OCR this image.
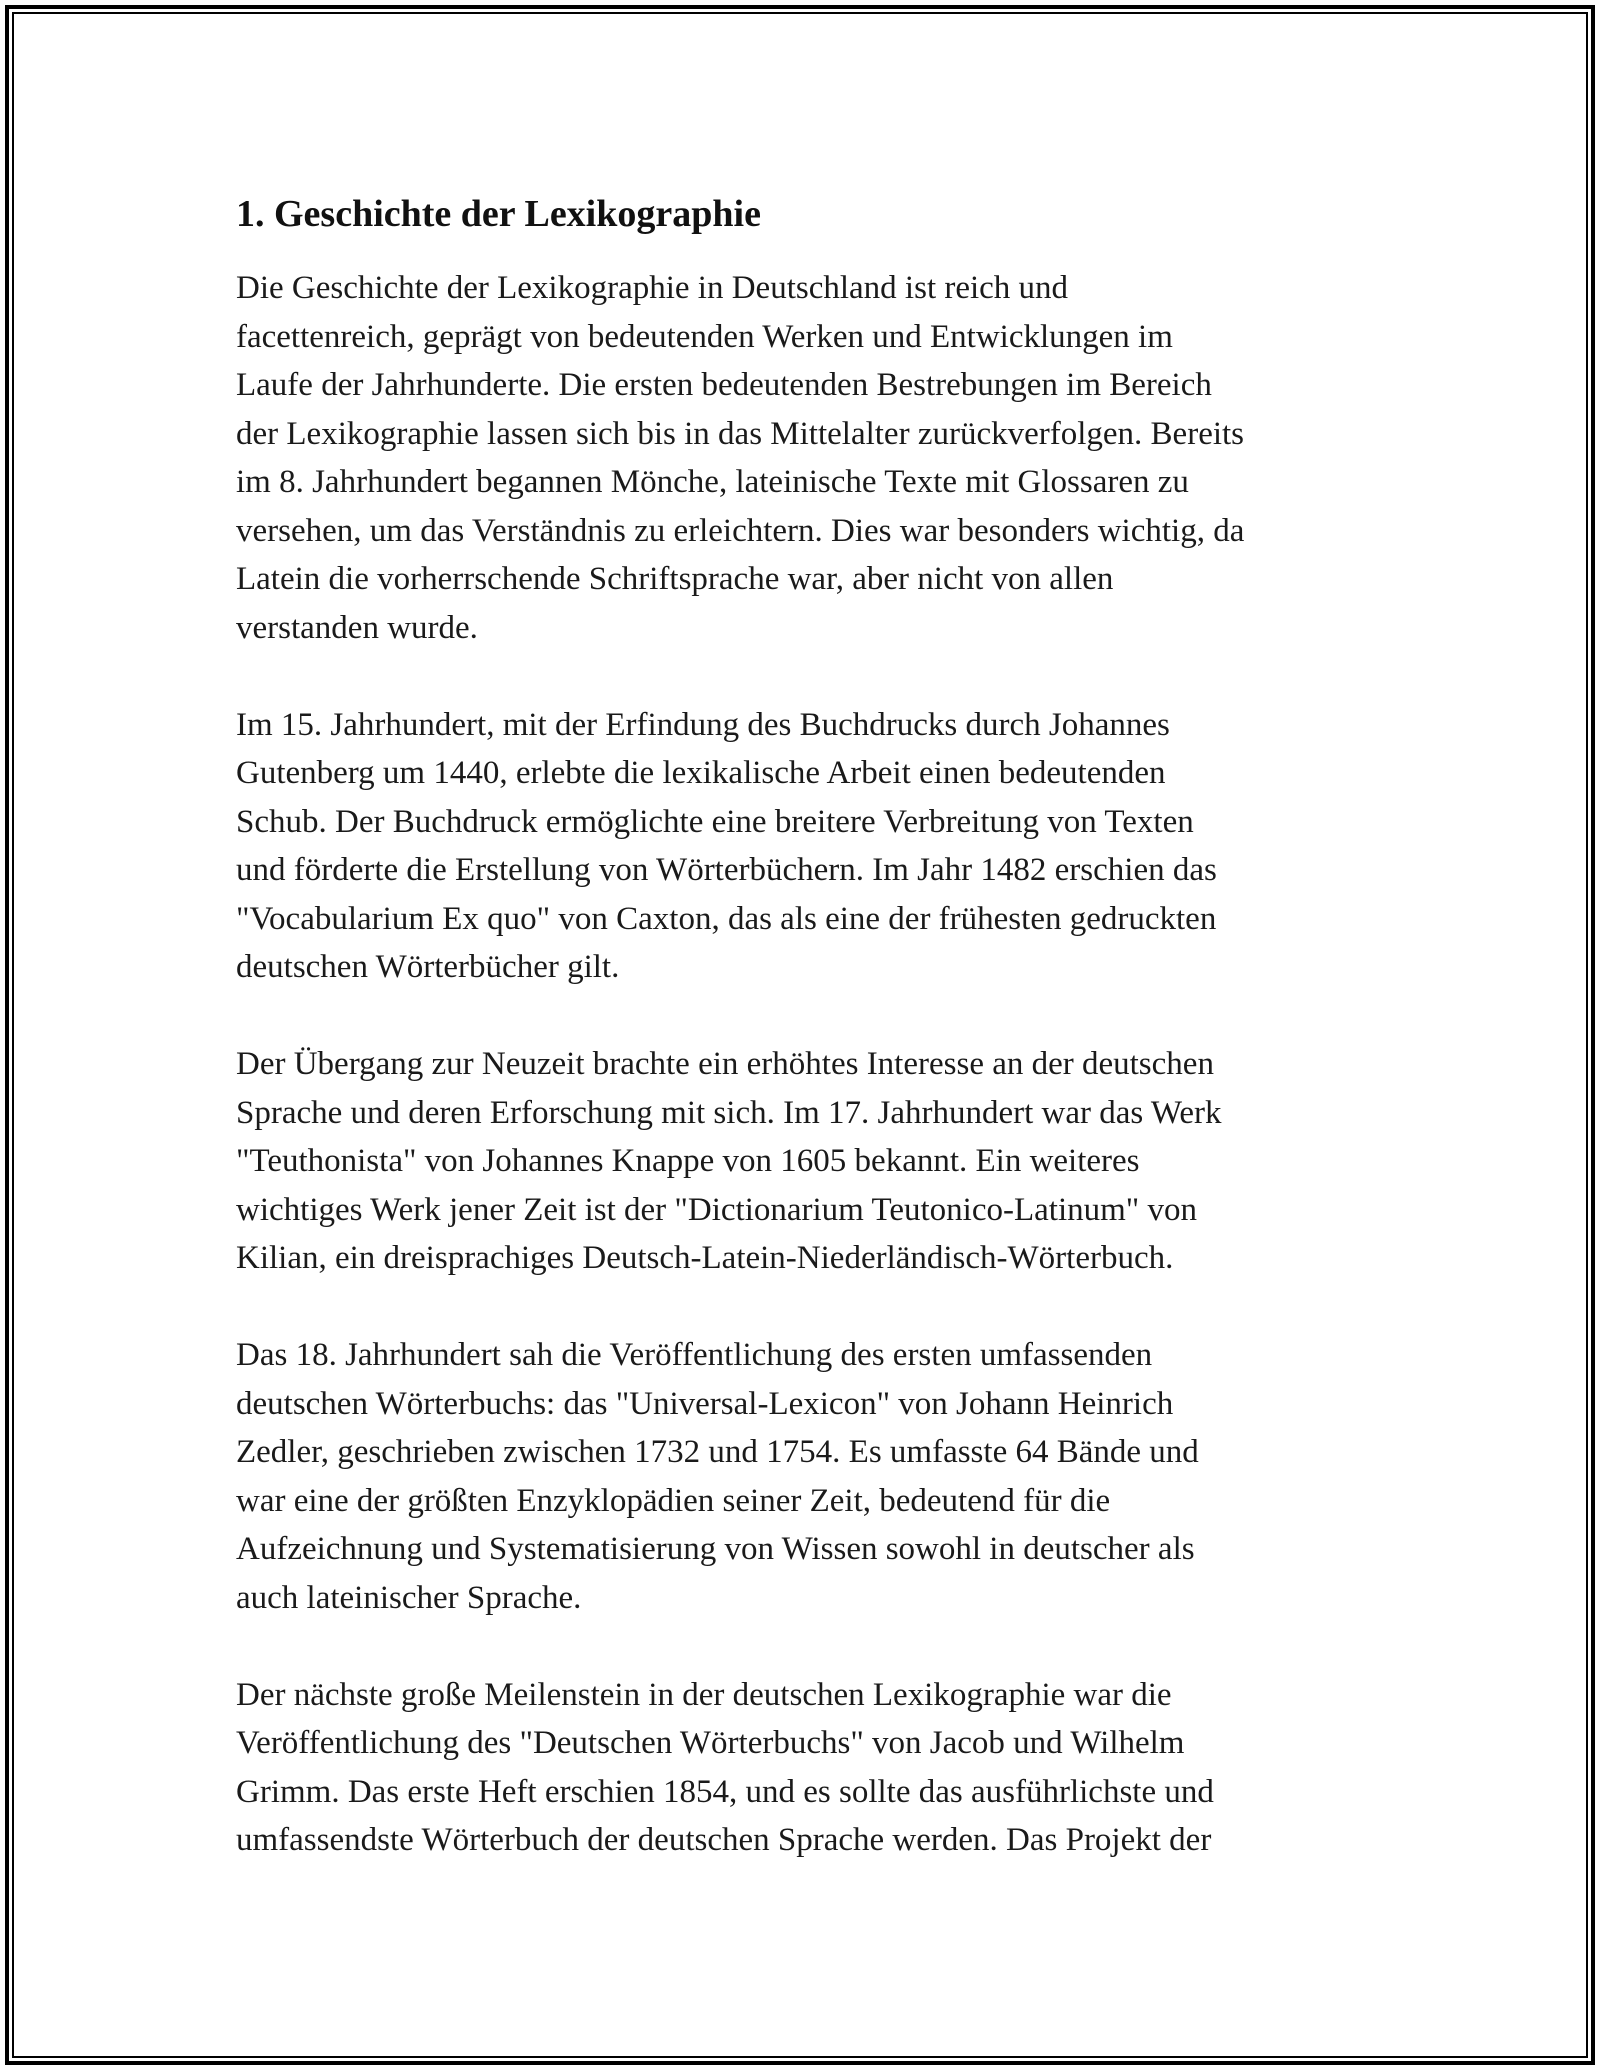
1. Geschichte der Lexikographie

Die Geschichte der Lexikographie in Deutschland ist reich und
facettenreich, geprägt von bedeutenden Werken und Entwicklungen im
Laufe der Jahrhunderte. Die ersten bedeutenden Bestrebungen im Bereich
der Lexikographie lassen sich bis in das Mittelalter zurückverfolgen. Bereits
im 8. Jahrhundert begannen Mönche, lateinische Texte mit Glossaren zu
versehen, um das Verständnis zu erleichtern. Dies war besonders wichtig, da
Latein die vorherrschende Schriftsprache war, aber nicht von allen
verstanden wurde.

Im 15. Jahrhundert, mit der Erfindung des Buchdrucks durch Johannes
Gutenberg um 1440, erlebte die lexikalische Arbeit einen bedeutenden
Schub. Der Buchdruck ermöglichte eine breitere Verbreitung von Texten
und förderte die Erstellung von Wörterbüchern. Im Jahr 1482 erschien das
"Vocabularium Ex quo" von Caxton, das als eine der frühesten gedruckten
deutschen Wörterbücher gilt.

Der Übergang zur Neuzeit brachte ein erhöhtes Interesse an der deutschen
Sprache und deren Erforschung mit sich. Im 17. Jahrhundert war das Werk
"Teuthonista" von Johannes Knappe von 1605 bekannt. Ein weiteres
wichtiges Werk jener Zeit ist der "Dictionarium Teutonico-Latinum" von
Kilian, ein dreisprachiges Deutsch-Latein-Niederländisch-Wörterbuch.

Das 18. Jahrhundert sah die Veröffentlichung des ersten umfassenden
deutschen Wörterbuchs: das "Universal-Lexicon" von Johann Heinrich
Zedler, geschrieben zwischen 1732 und 1754. Es umfasste 64 Bände und
war eine der größten Enzyklopädien seiner Zeit, bedeutend für die
Aufzeichnung und Systematisierung von Wissen sowohl in deutscher als
auch lateinischer Sprache.

Der nächste große Meilenstein in der deutschen Lexikographie war die
Veröffentlichung des "Deutschen Wörterbuchs" von Jacob und Wilhelm
Grimm. Das erste Heft erschien 1854, und es sollte das ausführlichste und
umfassendste Wörterbuch der deutschen Sprache werden. Das Projekt der
